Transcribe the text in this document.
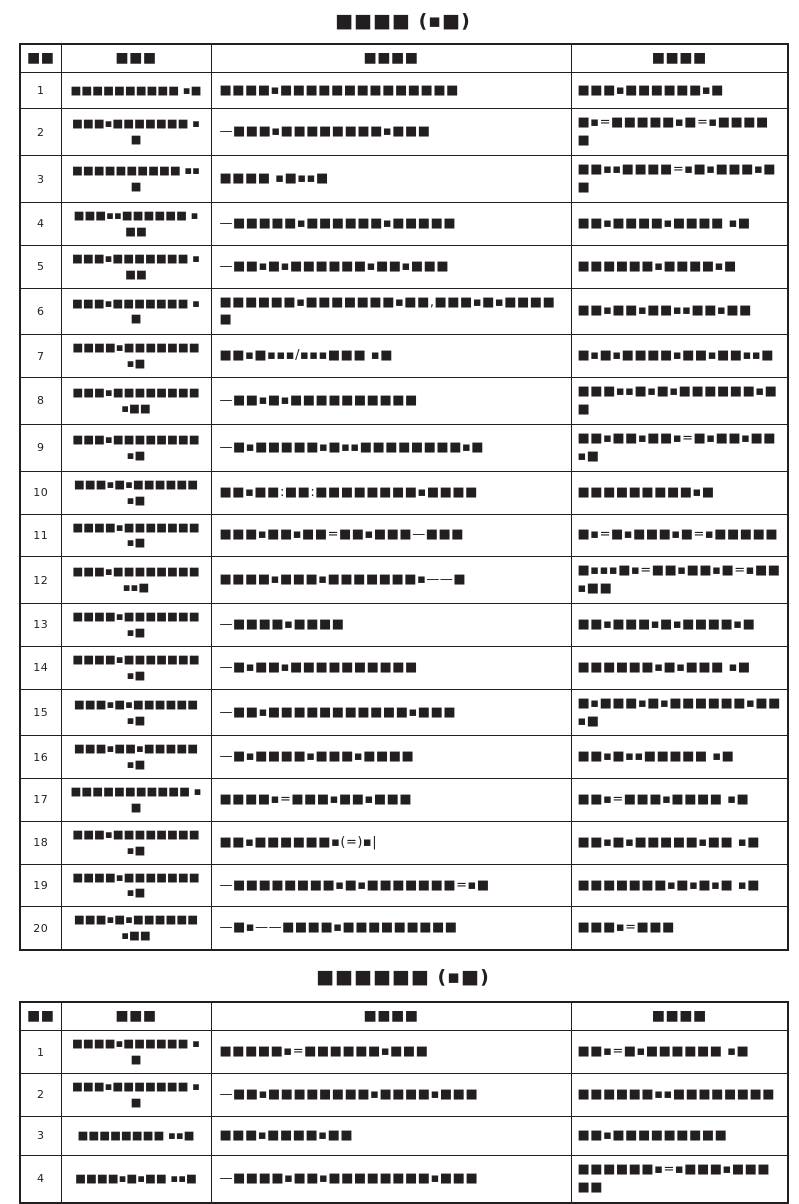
■■■■ (▪■)
■■	■■■	■■■■	■■■■
1	■■■■■■■■■■ ▪■	■■■■▪■■■■■■■■■■■■■■	■■■▪■■■■■■▪■
2	■■■▪■■■■■■■ ▪■	—■■■▪■■■■■■■■▪■■■	■▪=■■■■■▪■=▪■■■■■
3	■■■■■■■■■■ ▪▪■	■■■■ ▪■▪▪■	■■▪▪■■■■=▪■▪■■■▪■■
4	■■■▪▪■■■■■■ ▪■■	—■■■■■▪■■■■■■▪■■■■■	■■▪■■■■▪■■■■ ▪■
5	■■■▪■■■■■■■ ▪■■	—■■▪■▪■■■■■■▪■■▪■■■	■■■■■■▪■■■■▪■
6	■■■▪■■■■■■■ ▪■	■■■■■■▪■■■■■■■▪■■,■■■▪■▪■■■■■	■■▪■■▪■■▪▪■■▪■■
7	■■■■▪■■■■■■■ ▪■	■■▪■▪▪▪/▪▪▪■■■ ▪■	■▪■▪■■■■▪■■▪■■▪▪■
8	■■■▪■■■■■■■■ ▪■■	—■■▪■▪■■■■■■■■■■	■■■▪▪■▪■▪■■■■■■▪■■
9	■■■▪■■■■■■■■ ▪■	—■▪■■■■■▪■▪▪■■■■■■■■▪■	■■▪■■▪■■▪=■▪■■▪■■▪■
10	■■■▪■▪■■■■■■ ▪■	■■▪■■:■■:■■■■■■■■▪■■■■	■■■■■■■■■▪■
11	■■■■▪■■■■■■■ ▪■	■■■▪■■▪■■=■■▪■■■—■■■	■▪=■▪■■■▪■=▪■■■■■
12	■■■▪■■■■■■■■ ▪▪■	■■■■▪■■■▪■■■■■■■▪——■	■▪▪▪■▪=■■▪■■▪■=▪■■▪■■
13	■■■■▪■■■■■■■ ▪■	—■■■■▪■■■■	■■▪■■■▪■▪■■■■▪■
14	■■■■▪■■■■■■■ ▪■	—■▪■■▪■■■■■■■■■■	■■■■■■▪■▪■■■ ▪■
15	■■■▪■▪■■■■■■ ▪■	—■■▪■■■■■■■■■■■▪■■■	■▪■■■▪■▪■■■■■■▪■■▪■
16	■■■▪■■▪■■■■■ ▪■	—■▪■■■■▪■■■▪■■■■	■■▪■▪▪■■■■■ ▪■
17	■■■■■■■■■■■ ▪■	■■■■▪=■■■▪■■▪■■■	■■▪=■■■▪■■■■ ▪■
18	■■■▪■■■■■■■■ ▪■	■■▪■■■■■■▪(=)▪|	■■▪■▪■■■■■▪■■ ▪■
19	■■■■▪■■■■■■■ ▪■	—■■■■■■■■▪■▪■■■■■■■=▪■	■■■■■■■▪■▪■▪■ ▪■
20	■■■▪■▪■■■■■■ ▪■■	—■▪——■■■■▪■■■■■■■■■	■■■▪=■■■
■■■■■■ (▪■)
■■	■■■	■■■■	■■■■
1	■■■■▪■■■■■■ ▪■	■■■■■▪=■■■■■■▪■■■	■■▪=■▪■■■■■■ ▪■
2	■■■▪■■■■■■■ ▪■	—■■▪■■■■■■■■▪■■■■▪■■■	■■■■■■▪▪■■■■■■■■
3	■■■■■■■■ ▪▪■	■■■▪■■■■▪■■	■■▪■■■■■■■■■
4	■■■■▪■▪■■ ▪▪■	—■■■■▪■■▪■■■■■■■■▪■■■	■■■■■■▪=▪■■■▪■■■■■
